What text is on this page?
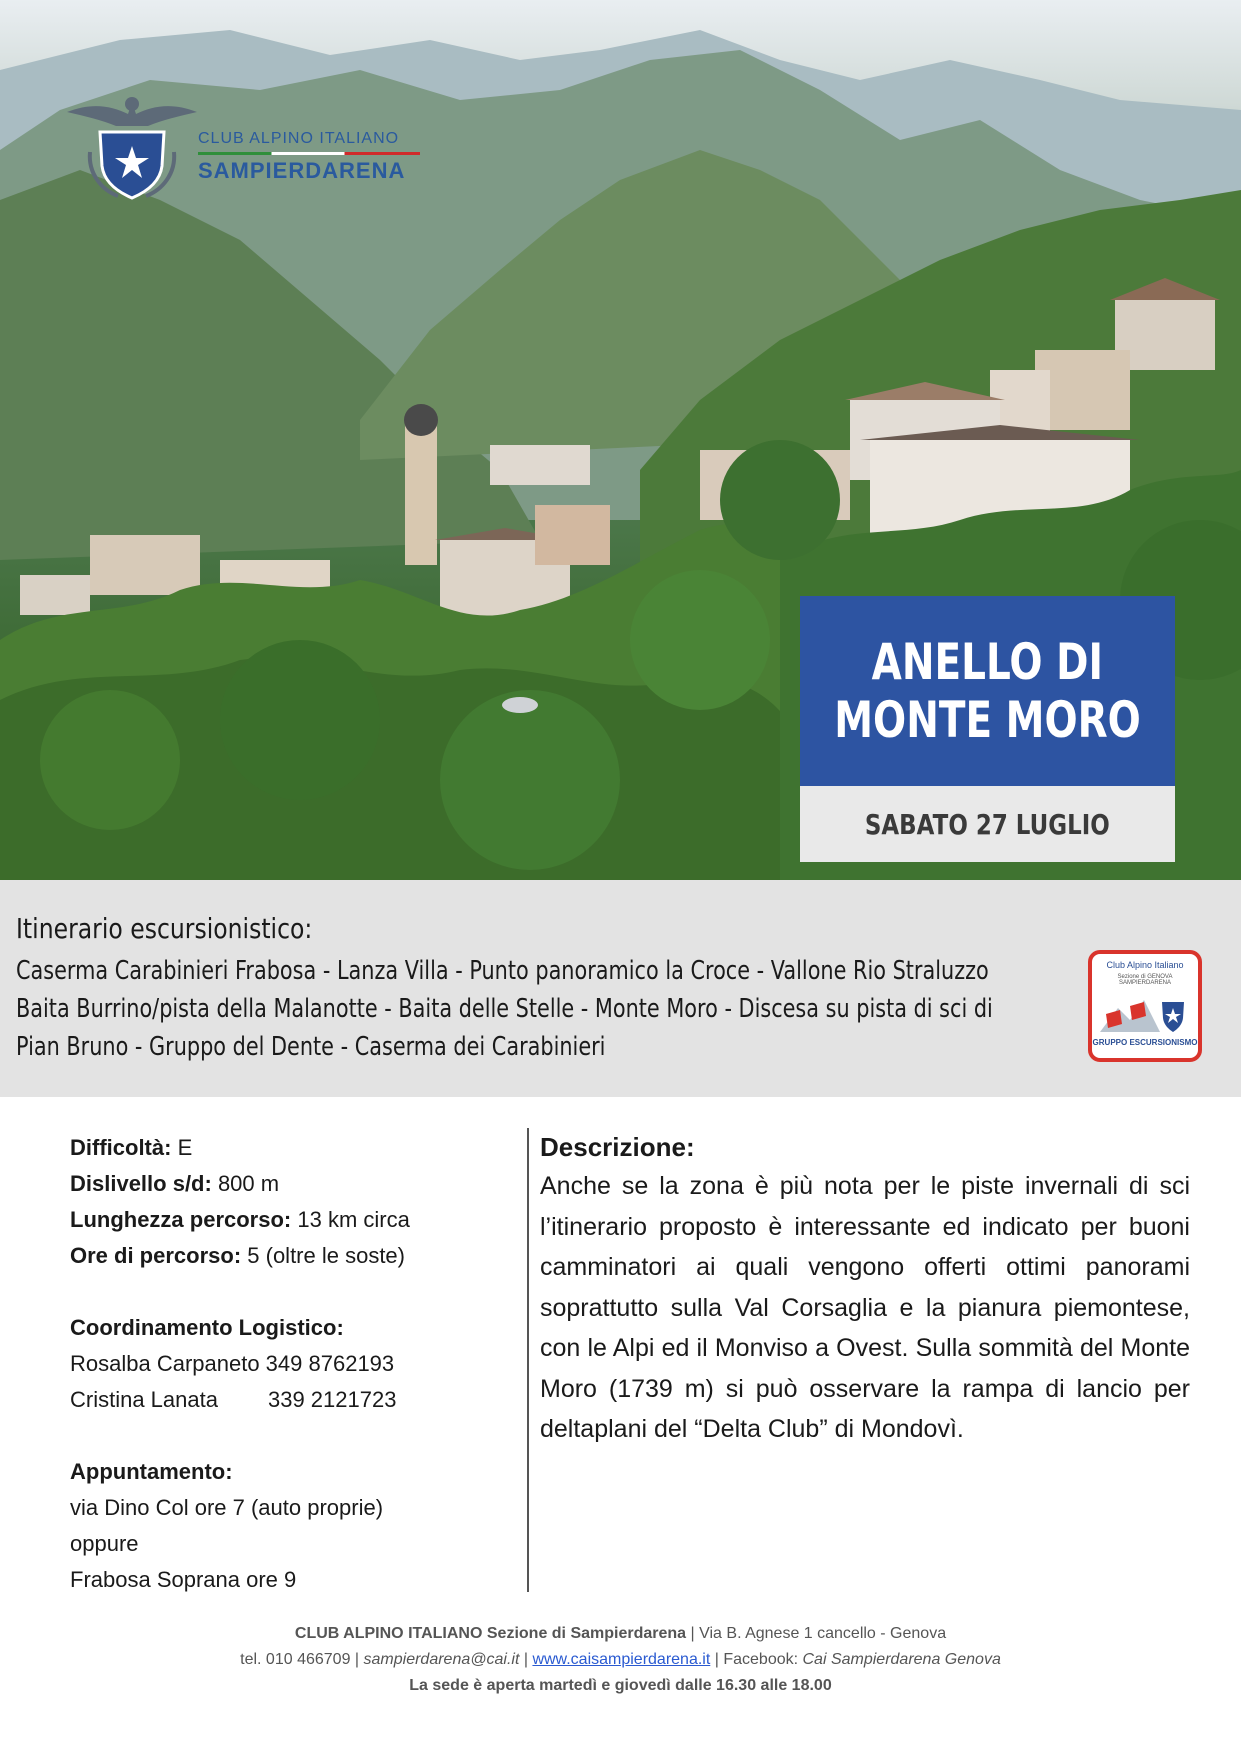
CLUB ALPINO ITALIANO
SAMPIERDARENA
ANELLO DI
MONTE MORO
SABATO 27 LUGLIO
Itinerario escursionistico:
Caserma Carabinieri Frabosa - Lanza Villa - Punto panoramico la Croce - Vallone Rio Straluzzo
Baita Burrino/pista della Malanotte - Baita delle Stelle - Monte Moro - Discesa su pista di sci di
Pian Bruno - Gruppo del Dente - Caserma dei Carabinieri
Club Alpino Italiano
Sezione di GENOVA SAMPIERDARENA
GRUPPO ESCURSIONISMO
Difficoltà: E
Dislivello s/d: 800 m
Lunghezza percorso: 13 km circa
Ore di percorso: 5 (oltre le soste)
Coordinamento Logistico:
Rosalba Carpaneto 349 8762193
Cristina Lanata 339 2121723
Appuntamento:
via Dino Col ore 7 (auto proprie)
oppure
Frabosa Soprana ore 9
Descrizione:
Anche se la zona è più nota per le piste invernali di sci l’itinerario proposto è interessante ed indicato per buoni camminatori ai quali vengono offerti ottimi panorami soprattutto sulla Val Corsaglia e la pianura piemontese, con le Alpi ed il Monviso a Ovest. Sulla sommità del Monte Moro (1739 m) si può osservare la rampa di lancio per deltaplani del “Delta Club” di Mondovì.
CLUB ALPINO ITALIANO Sezione di Sampierdarena | Via B. Agnese 1 cancello - Genova
tel. 010 466709 | sampierdarena@cai.it | www.caisampierdarena.it | Facebook: Cai Sampierdarena Genova
La sede è aperta martedì e giovedì dalle 16.30 alle 18.00
